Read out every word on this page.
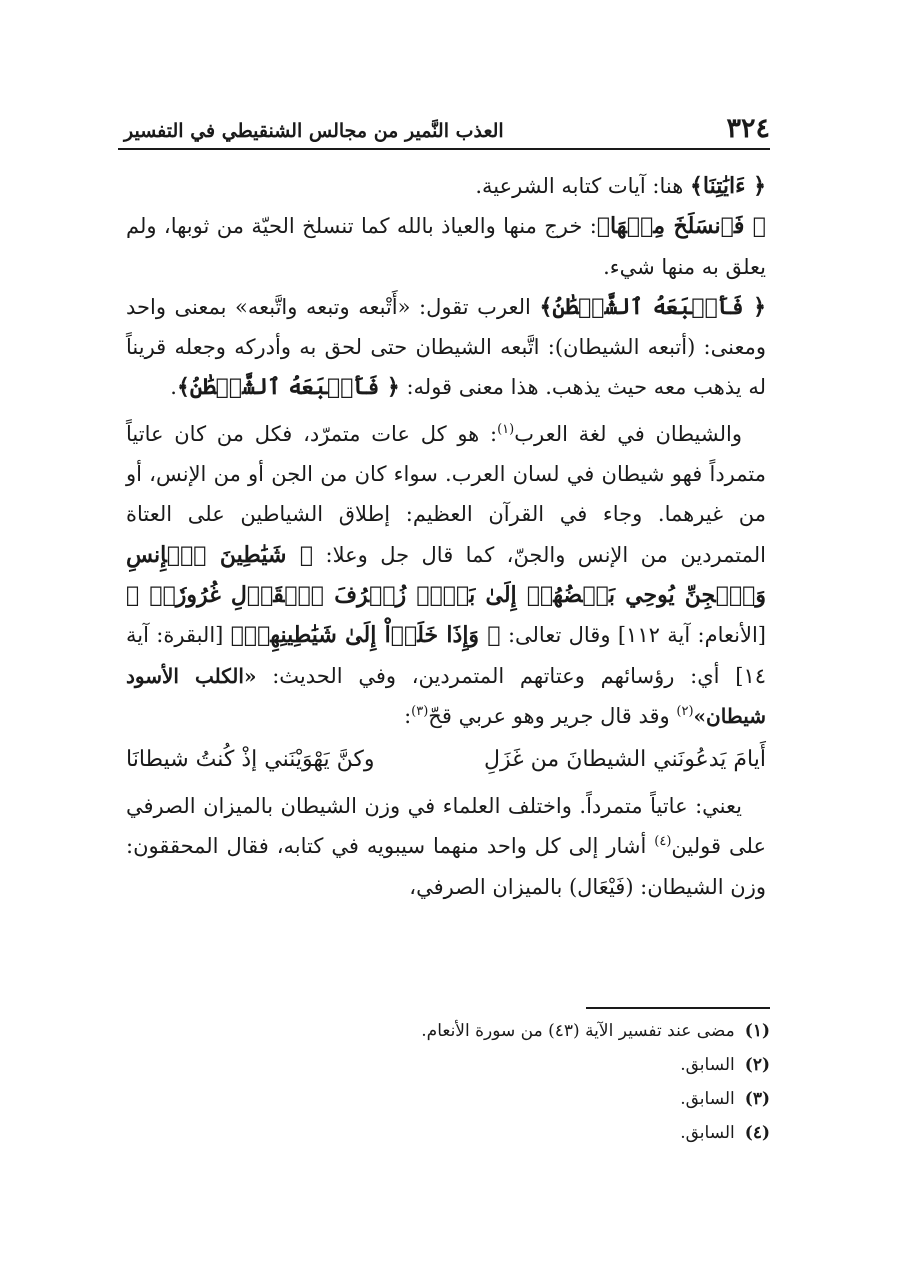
٣٢٤
العذب النَّمير من مجالس الشنقيطي في التفسير

﴿ ءَايَٰتِنَا﴾ هنا: آيات كتابه الشرعية.

﴿ فَٱنسَلَخَ مِنۡهَا﴾: خرج منها والعياذ بالله كما تنسلخ الحيّة من ثوبها، ولم يعلق به منها شيء.

﴿ فَأَتۡبَعَهُ ٱلشَّيۡطَٰنُ﴾ العرب تقول: «أَتْبعه وتبعه واتَّبعه» بمعنى واحد ومعنى: (أتبعه الشيطان): اتَّبعه الشيطان حتى لحق به وأدركه وجعله قريناً له يذهب معه حيث يذهب. هذا معنى قوله: ﴿ فَأَتۡبَعَهُ ٱلشَّيۡطَٰنُ﴾.

والشيطان في لغة العرب$^{(١)}$: هو كل عات متمرّد، فكل من كان عاتياً متمرداً فهو شيطان في لسان العرب. سواء كان من الجن أو من الإنس، أو من غيرهما. وجاء في القرآن العظيم: إطلاق الشياطين على العتاة المتمردين من الإنس والجنّ، كما قال جل وعلا: ﴿ شَيَٰطِينَ ٱلۡإِنسِ وَٱلۡجِنِّ يُوحِي بَعۡضُهُمۡ إِلَىٰ بَعۡضٖ زُخۡرُفَ ٱلۡقَوۡلِ غُرُورٗاۚ ﴾ [الأنعام: آية ١١٢] وقال تعالى: ﴿ وَإِذَا خَلَوۡاْ إِلَىٰ شَيَٰطِينِهِمۡ﴾ [البقرة: آية ١٤] أي: رؤسائهم وعتاتهم المتمردين، وفي الحديث: «الكلب الأسود شيطان»$^{(٢)}$ وقد قال جرير وهو عربي قحّ$^{(٣)}$:

أَيامَ يَدعُونَني الشيطانَ من غَزَلِ
وكنَّ يَهْوَيْنَني إذْ كُنتُ شيطانَا

يعني: عاتياً متمرداً. واختلف العلماء في وزن الشيطان بالميزان الصرفي على قولين$^{(٤)}$ أشار إلى كل واحد منهما سيبويه في كتابه، فقال المحققون: وزن الشيطان: (فَيْعَال) بالميزان الصرفي،

(١)مضى عند تفسير الآية (٤٣) من سورة الأنعام.

(٢)السابق.

(٣)السابق.

(٤)السابق.
